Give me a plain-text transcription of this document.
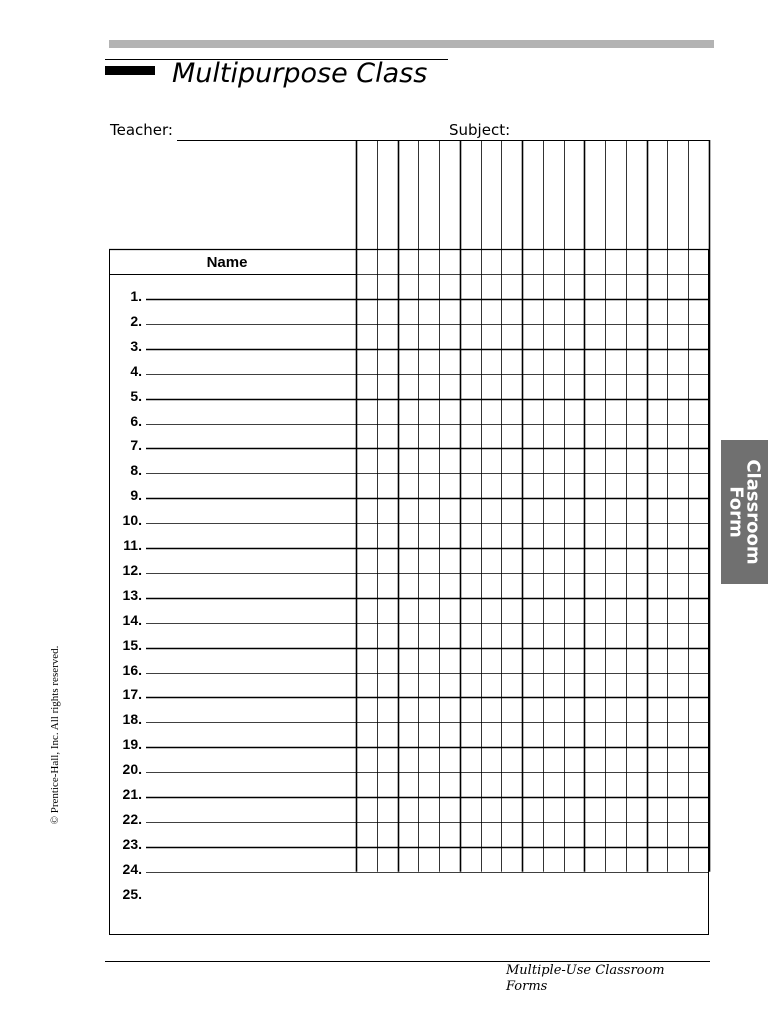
Multipurpose Class
Teacher:	Subject:
Name
1.
2.
3.
4.
5.
6.
7.
8.
9.
10.
11.
12.
13.
14.
15.
16.
17.
18.
19.
20.
21.
22.
23.
24.
25.
Classroom
Form
© Prentice-Hall, Inc. All rights reserved.
Multiple-Use Classroom Forms
